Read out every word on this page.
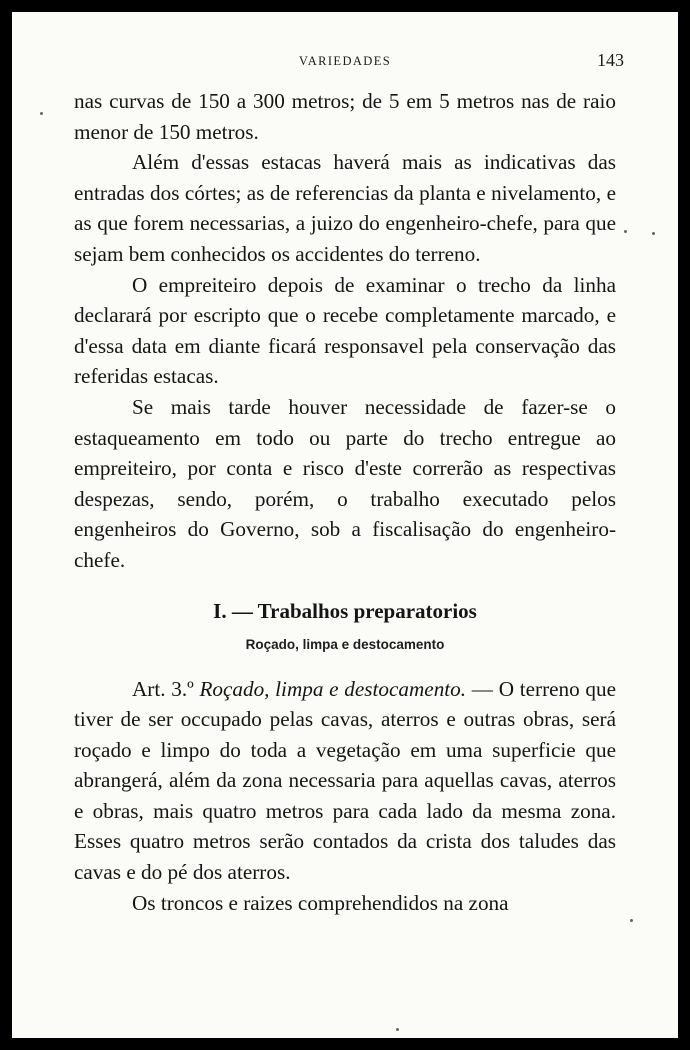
VARIEDADES	143

nas curvas de 150 a 300 metros; de 5 em 5 metros nas de raio menor de 150 metros.

Além d'essas estacas haverá mais as indicativas das entradas dos córtes; as de referencias da planta e nivelamento, e as que forem necessarias, a juizo do engenheiro-chefe, para que sejam bem conhecidos os accidentes do terreno.

O empreiteiro depois de examinar o trecho da linha declarará por escripto que o recebe completamente marcado, e d'essa data em diante ficará responsavel pela conservação das referidas estacas.

Se mais tarde houver necessidade de fazer-se o estaqueamento em todo ou parte do trecho entregue ao empreiteiro, por conta e risco d'este correrão as respectivas despezas, sendo, porém, o trabalho executado pelos engenheiros do Governo, sob a fiscalisação do engenheiro-chefe.

I. — Trabalhos preparatorios

Roçado, limpa e destocamento

Art. 3.º Roçado, limpa e destocamento. — O terreno que tiver de ser occupado pelas cavas, aterros e outras obras, será roçado e limpo do toda a vegetação em uma superficie que abrangerá, além da zona necessaria para aquellas cavas, aterros e obras, mais quatro metros para cada lado da mesma zona. Esses quatro metros serão contados da crista dos taludes das cavas e do pé dos aterros.

Os troncos e raizes comprehendidos na zona
